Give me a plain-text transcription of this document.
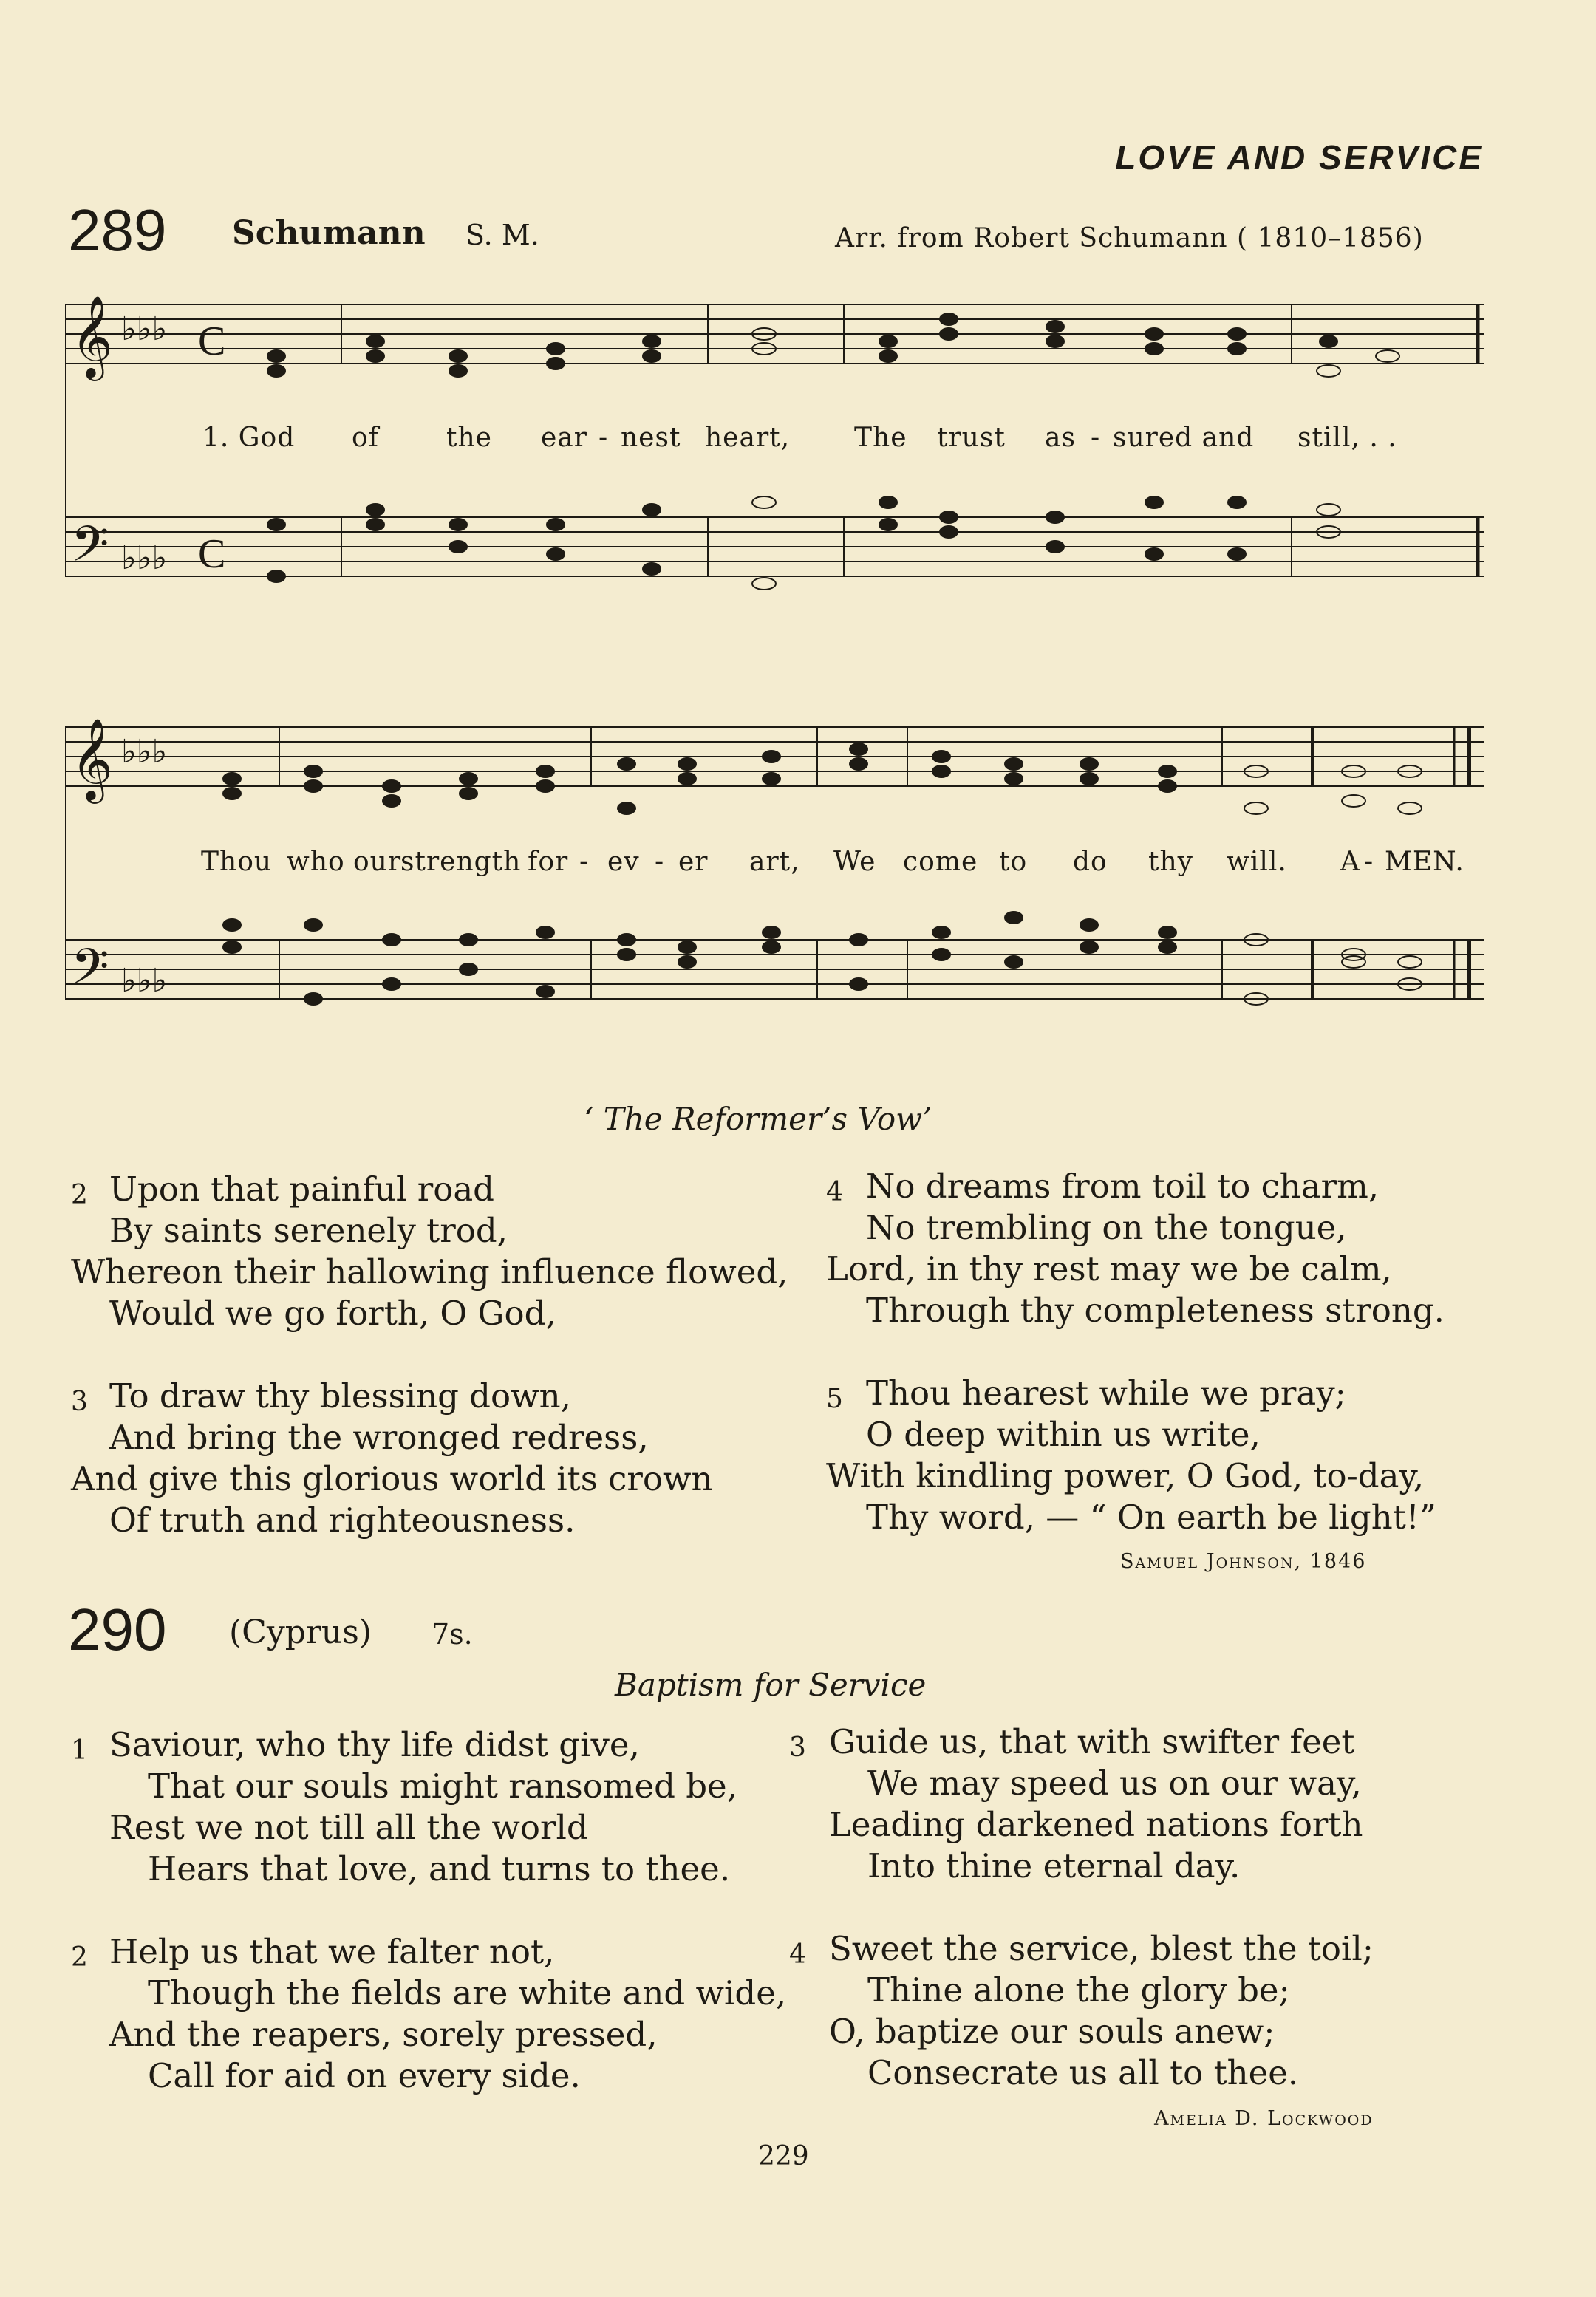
LOVE AND SERVICE
289 Schumann S. M.	Arr. from Robert Schumann ( 1810–1856)
𝄞
𝄢
♭♭♭
♭♭♭
C
C
1. God of	the ear - nest heart, The trust as - sured and still, . .
𝄞
𝄢
♭♭♭
♭♭♭
Thou who our
strength for - ev - er art, We come to do thy will. A - MEN.
‘ The Reformer’s Vow’
2 Upon that painful road
By saints serenely trod,
Whereon their hallowing influence flowed,
Would we go forth, O God,
3 To draw thy blessing down,
And bring the wronged redress,
And give this glorious world its crown
Of truth and righteousness.
4 No dreams from toil to charm,
No trembling on the tongue,
Lord, in thy rest may we be calm,
Through thy completeness strong.
5 Thou hearest while we pray;
O deep within us write,
With kindling power, O God, to-day,
Thy word, — “ On earth be light!”
Samuel Johnson, 1846
290 (Cyprus) 7s.
Baptism for Service
1 Saviour, who thy life didst give,
That our souls might ransomed be,
Rest we not till all the world
Hears that love, and turns to thee.
2 Help us that we falter not,
Though the fields are white and wide,
And the reapers, sorely pressed,
Call for aid on every side.
3 Guide us, that with swifter feet
We may speed us on our way,
Leading darkened nations forth
Into thine eternal day.
4 Sweet the service, blest the toil;
Thine alone the glory be;
O, baptize our souls anew;
Consecrate us all to thee.
Amelia D. Lockwood
229
